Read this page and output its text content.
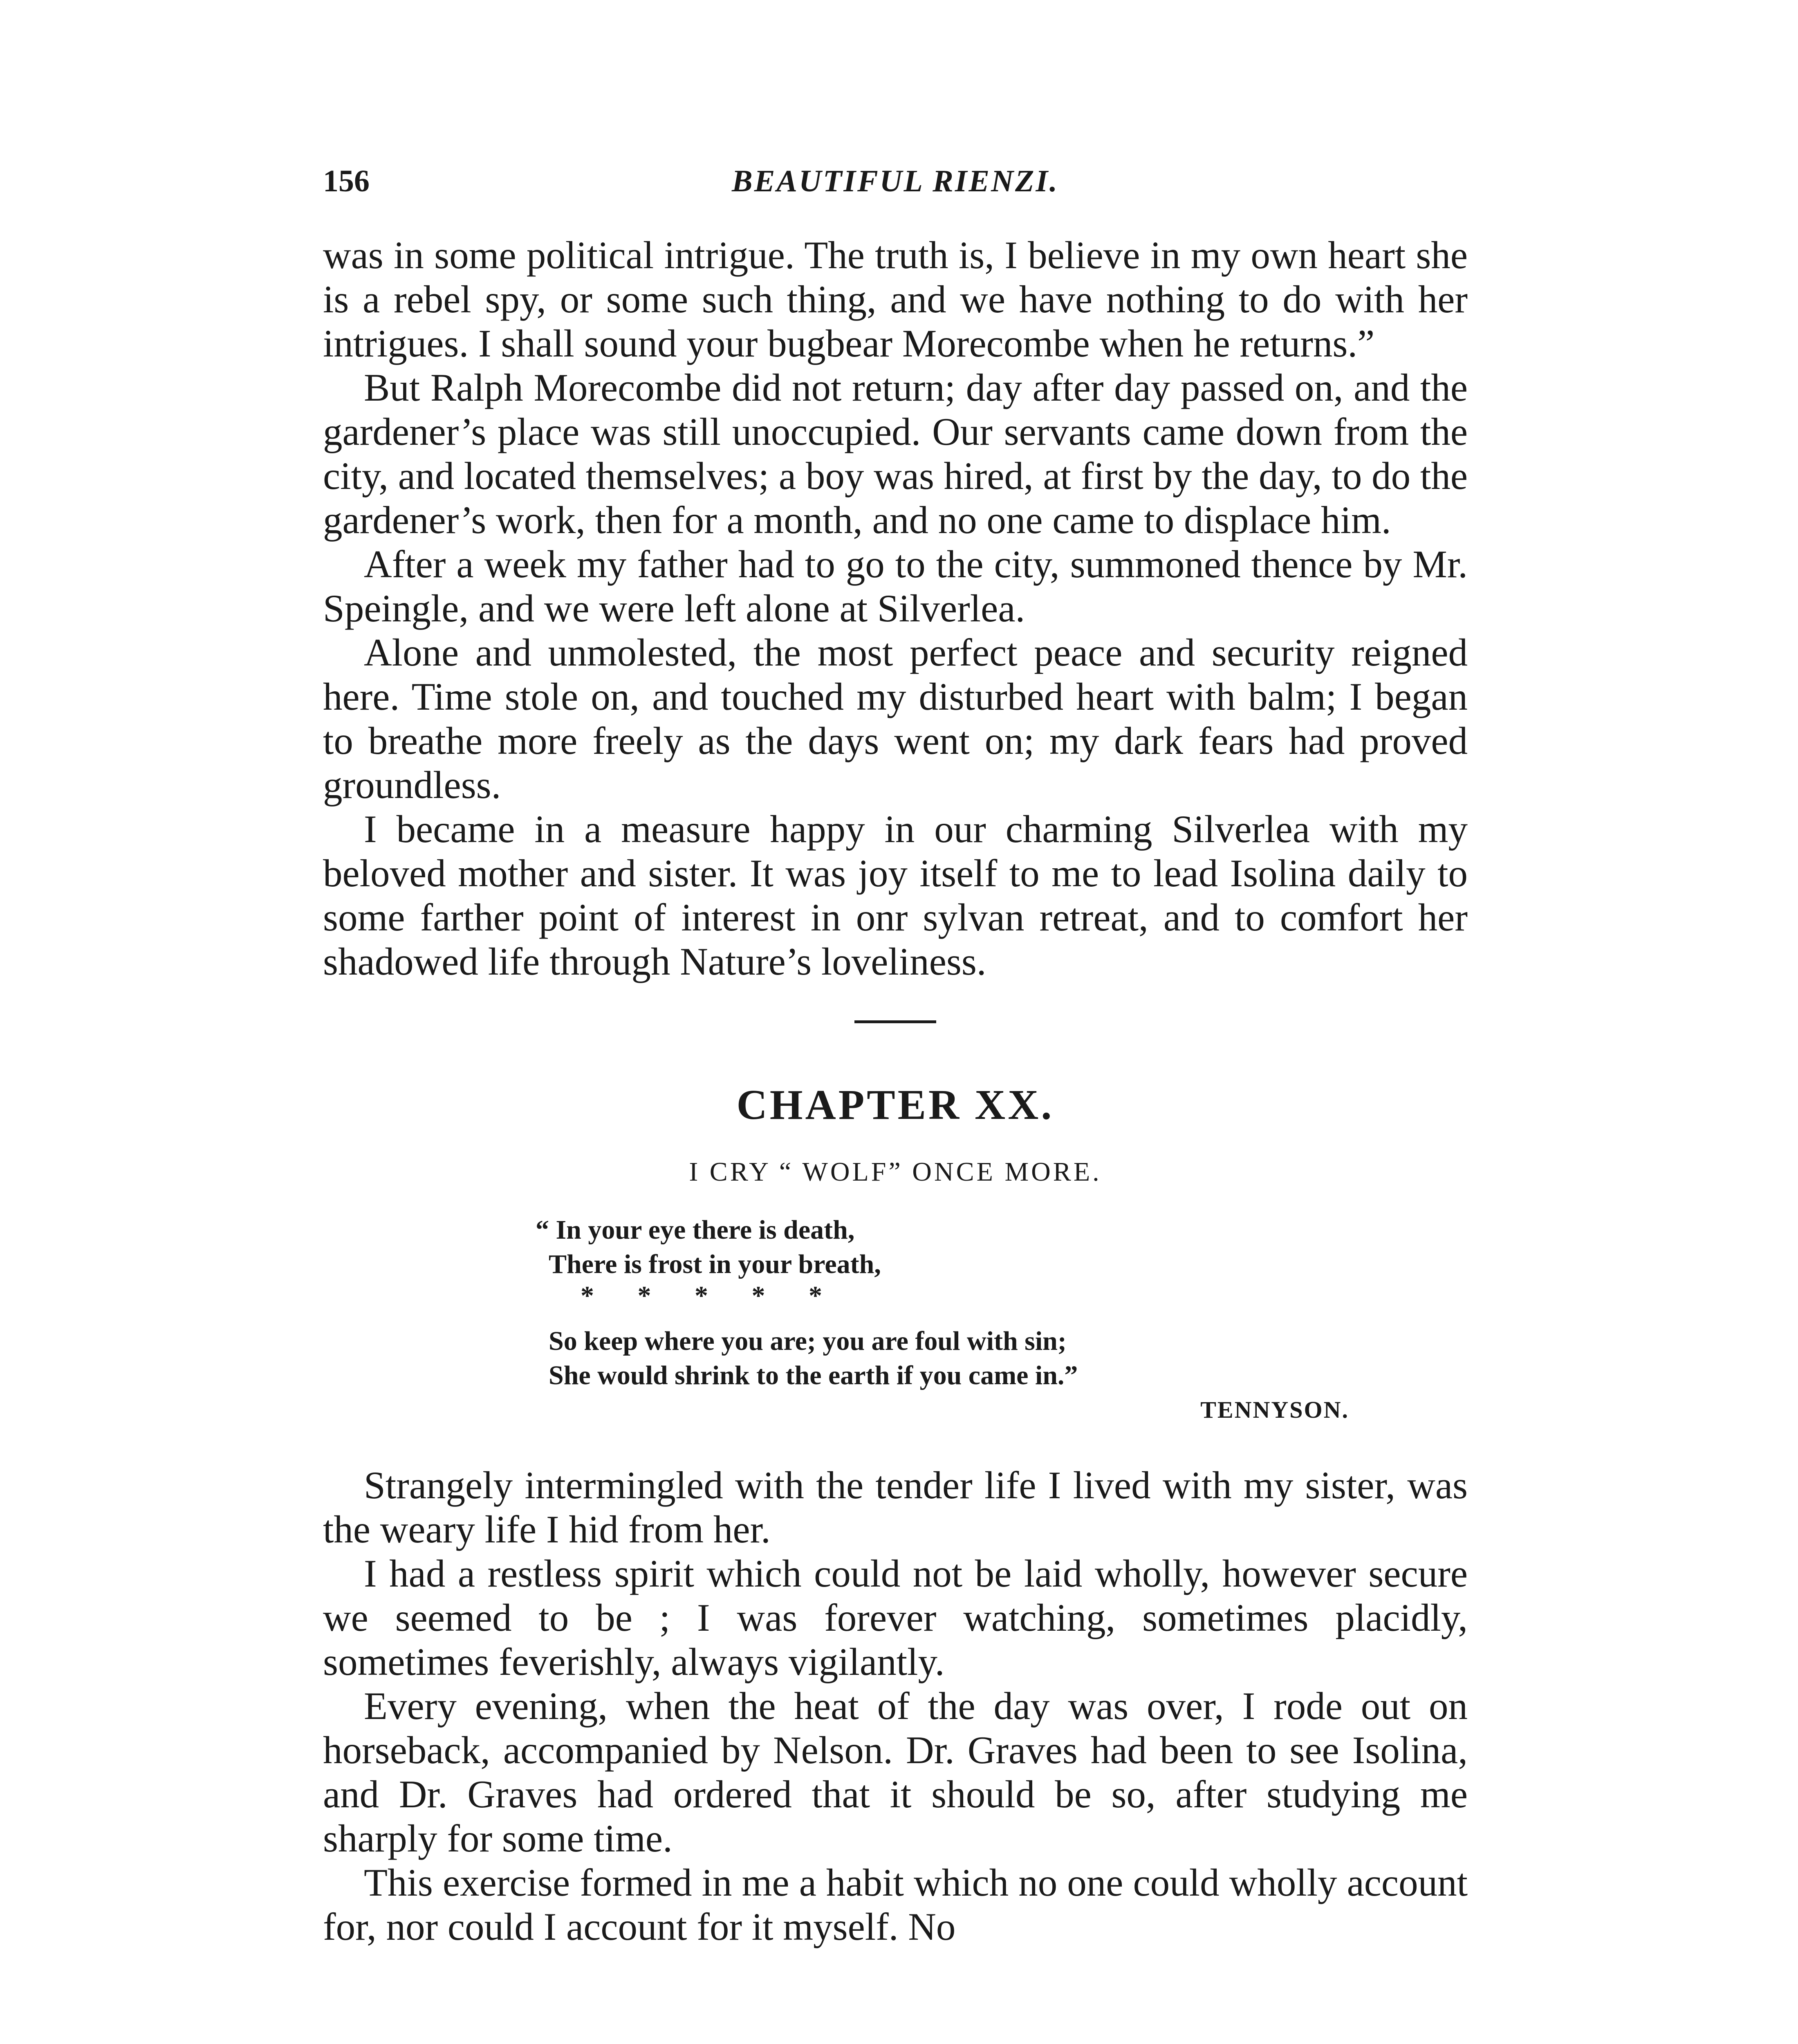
156	BEAUTIFUL RIENZI.

was in some political intrigue. The truth is, I believe in my own heart she is a rebel spy, or some such thing, and we have nothing to do with her intrigues. I shall sound your bugbear Morecombe when he returns.”

But Ralph Morecombe did not return; day after day passed on, and the gardener’s place was still unoccupied. Our servants came down from the city, and located themselves; a boy was hired, at first by the day, to do the gardener’s work, then for a month, and no one came to displace him.

After a week my father had to go to the city, summoned thence by Mr. Speingle, and we were left alone at Silverlea.

Alone and unmolested, the most perfect peace and security reigned here. Time stole on, and touched my disturbed heart with balm; I began to breathe more freely as the days went on; my dark fears had proved groundless.

I became in a measure happy in our charming Silverlea with my beloved mother and sister. It was joy itself to me to lead Isolina daily to some farther point of interest in onr sylvan retreat, and to comfort her shadowed life through Nature’s loveliness.

CHAPTER XX.
I CRY “ WOLF” ONCE MORE.
“ In your eye there is death,
There is frost in your breath,
* * * * *
So keep where you are; you are foul with sin;
She would shrink to the earth if you came in.”
TENNYSON.

Strangely intermingled with the tender life I lived with my sister, was the weary life I hid from her.

I had a restless spirit which could not be laid wholly, however secure we seemed to be ; I was forever watching, sometimes placidly, sometimes feverishly, always vigilantly.

Every evening, when the heat of the day was over, I rode out on horseback, accompanied by Nelson. Dr. Graves had been to see Isolina, and Dr. Graves had ordered that it should be so, after studying me sharply for some time.

This exercise formed in me a habit which no one could wholly account for, nor could I account for it myself. No
